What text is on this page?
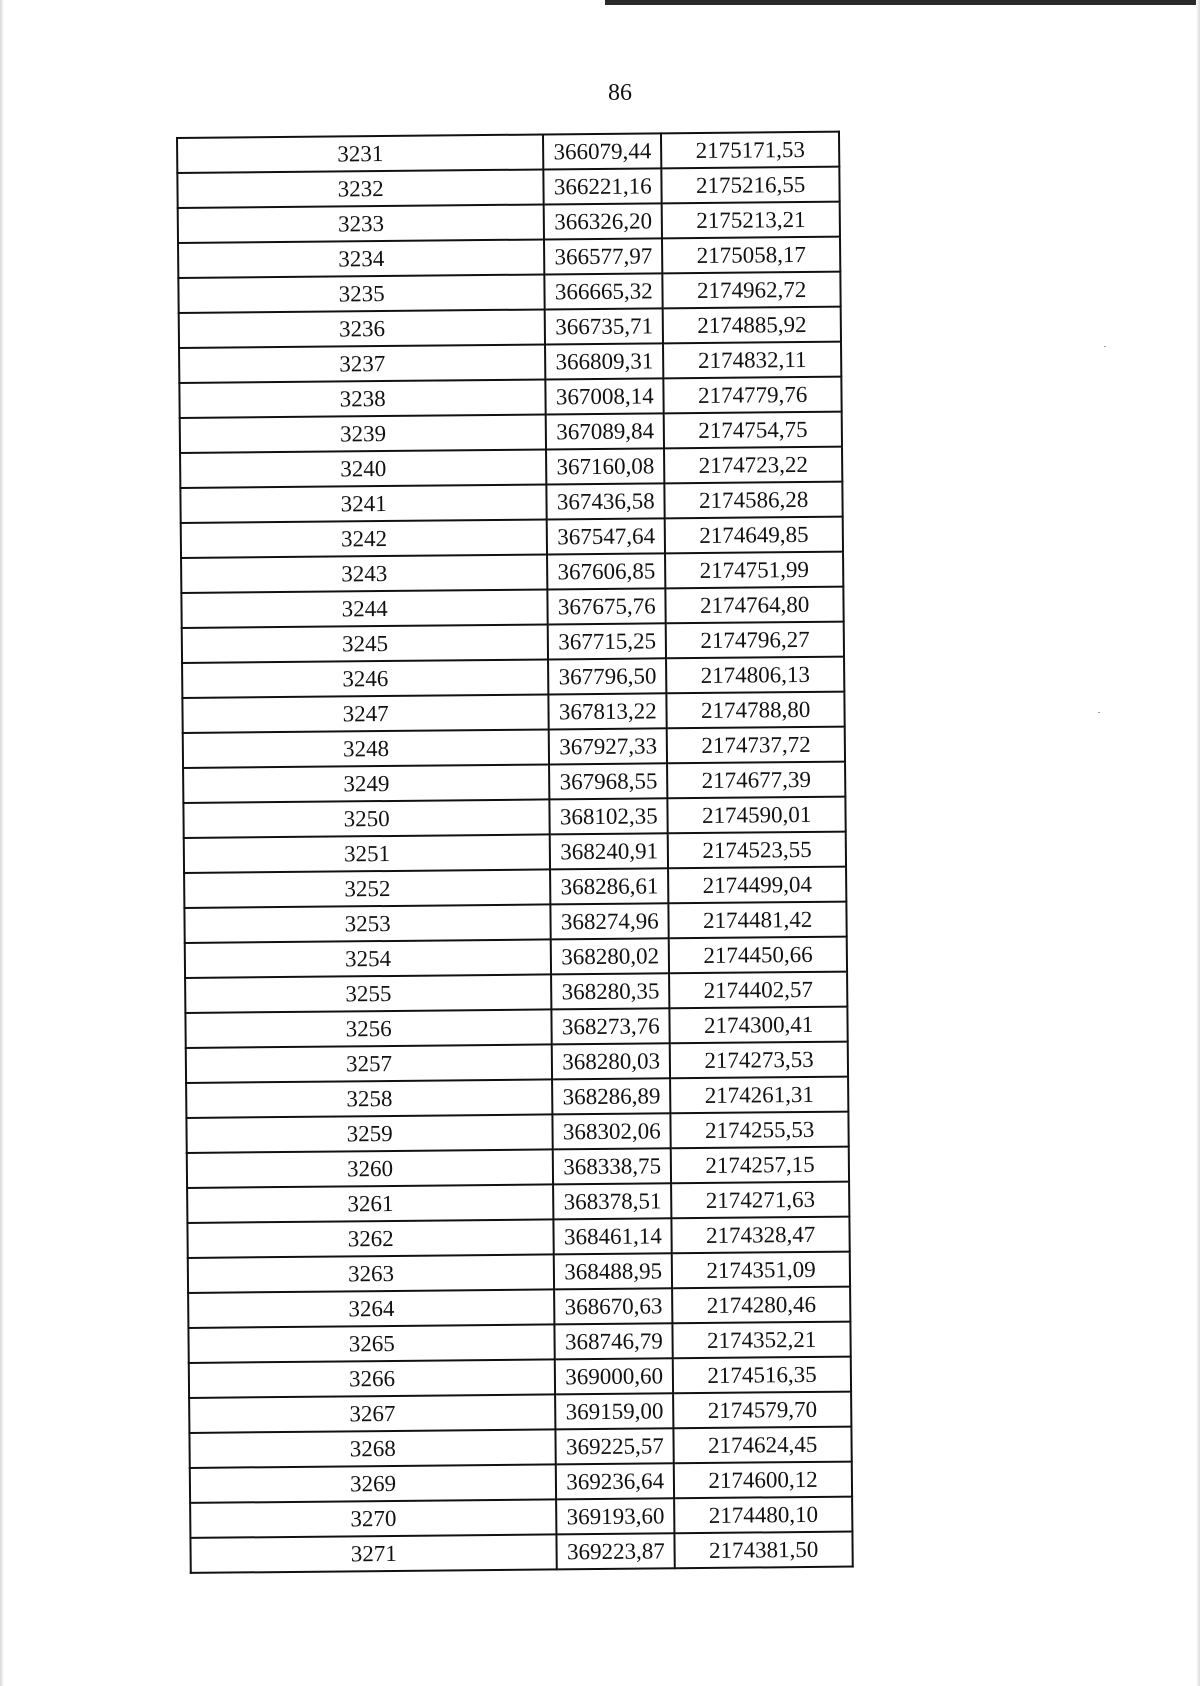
86
3231	366079,44	2175171,53
3232	366221,16	2175216,55
3233	366326,20	2175213,21
3234	366577,97	2175058,17
3235	366665,32	2174962,72
3236	366735,71	2174885,92
3237	366809,31	2174832,11
3238	367008,14	2174779,76
3239	367089,84	2174754,75
3240	367160,08	2174723,22
3241	367436,58	2174586,28
3242	367547,64	2174649,85
3243	367606,85	2174751,99
3244	367675,76	2174764,80
3245	367715,25	2174796,27
3246	367796,50	2174806,13
3247	367813,22	2174788,80
3248	367927,33	2174737,72
3249	367968,55	2174677,39
3250	368102,35	2174590,01
3251	368240,91	2174523,55
3252	368286,61	2174499,04
3253	368274,96	2174481,42
3254	368280,02	2174450,66
3255	368280,35	2174402,57
3256	368273,76	2174300,41
3257	368280,03	2174273,53
3258	368286,89	2174261,31
3259	368302,06	2174255,53
3260	368338,75	2174257,15
3261	368378,51	2174271,63
3262	368461,14	2174328,47
3263	368488,95	2174351,09
3264	368670,63	2174280,46
3265	368746,79	2174352,21
3266	369000,60	2174516,35
3267	369159,00	2174579,70
3268	369225,57	2174624,45
3269	369236,64	2174600,12
3270	369193,60	2174480,10
3271	369223,87	2174381,50
